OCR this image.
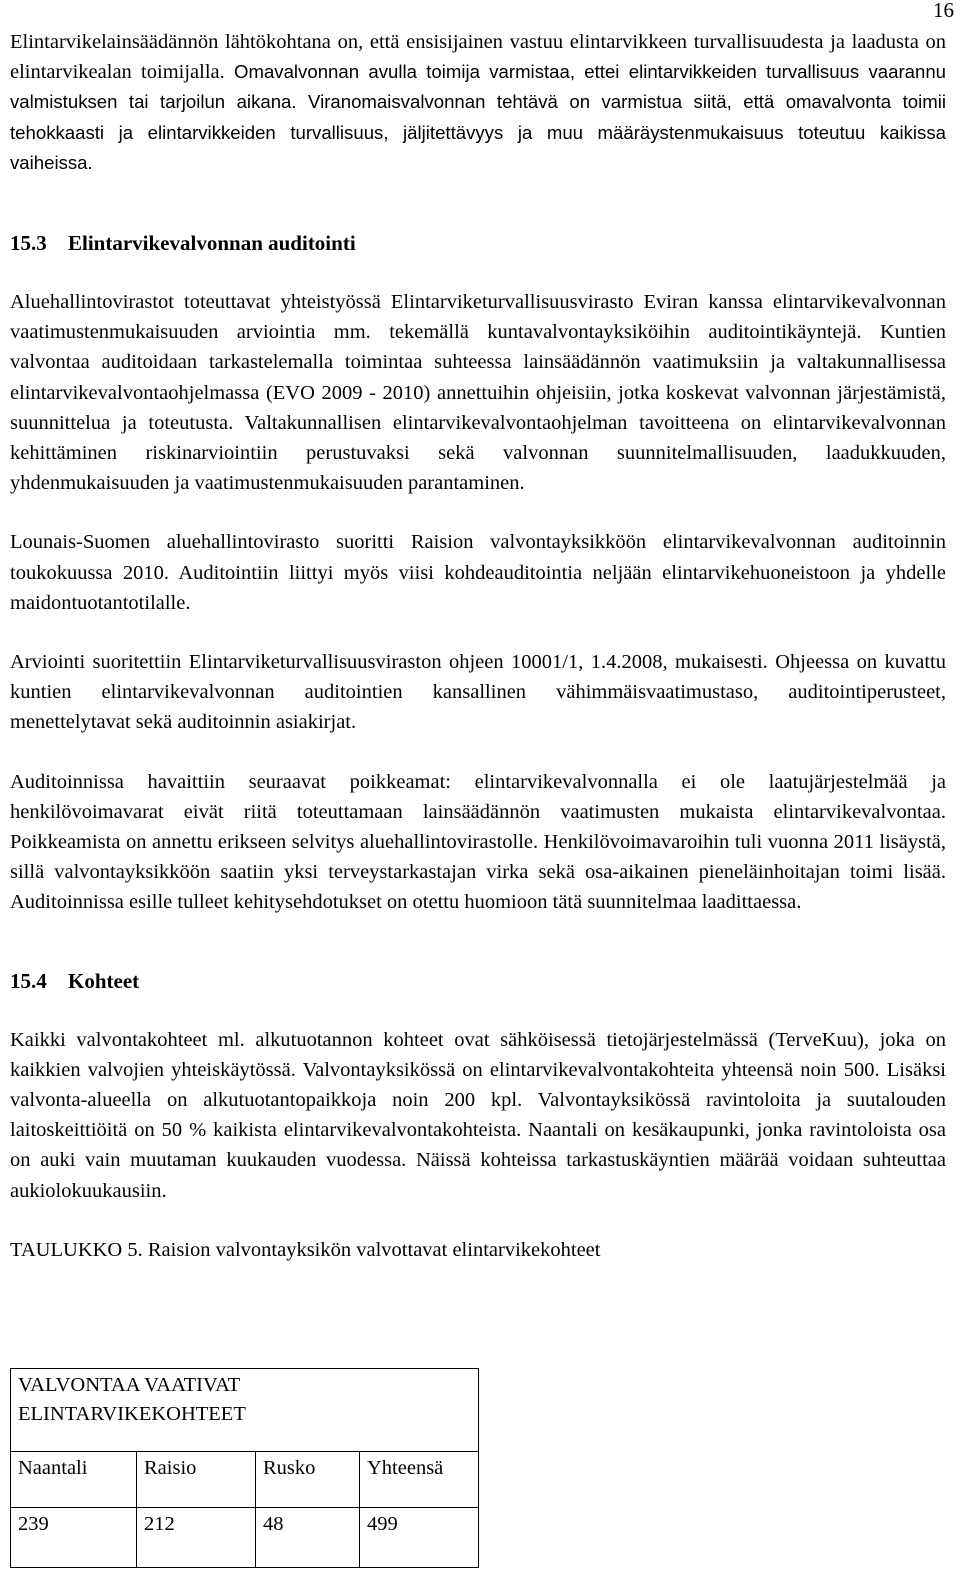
16

Elintarvikelainsäädännön lähtökohtana on, että ensisijainen vastuu elintarvikkeen turvallisuudesta ja laadusta on elintarvikealan toimijalla. Omavalvonnan avulla toimija varmistaa, ettei elintarvikkeiden turvallisuus vaarannu valmistuksen tai tarjoilun aikana. Viranomaisvalvonnan tehtävä on varmistua siitä, että omavalvonta toimii tehokkaasti ja elintarvikkeiden turvallisuus, jäljitettävyys ja muu määräystenmukaisuus toteutuu kaikissa vaiheissa.

15.3 Elintarvikevalvonnan auditointi

Aluehallintovirastot toteuttavat yhteistyössä Elintarviketurvallisuusvirasto Eviran kanssa elintarvikevalvonnan vaatimustenmukaisuuden arviointia mm. tekemällä kuntavalvontayksiköihin auditointikäyntejä. Kuntien valvontaa auditoidaan tarkastelemalla toimintaa suhteessa lainsäädännön vaatimuksiin ja valtakunnallisessa elintarvikevalvontaohjelmassa (EVO 2009 - 2010) annettuihin ohjeisiin, jotka koskevat valvonnan järjestämistä, suunnittelua ja toteutusta. Valtakunnallisen elintarvikevalvontaohjelman tavoitteena on elintarvikevalvonnan kehittäminen riskinarviointiin perustuvaksi sekä valvonnan suunnitelmallisuuden, laadukkuuden, yhdenmukaisuuden ja vaatimustenmukaisuuden parantaminen.

Lounais-Suomen aluehallintovirasto suoritti Raision valvontayksikköön elintarvikevalvonnan auditoinnin toukokuussa 2010. Auditointiin liittyi myös viisi kohdeauditointia neljään elintarvikehuoneistoon ja yhdelle maidontuotantotilalle.

Arviointi suoritettiin Elintarviketurvallisuusviraston ohjeen 10001/1, 1.4.2008, mukaisesti. Ohjeessa on kuvattu kuntien elintarvikevalvonnan auditointien kansallinen vähimmäisvaatimustaso, auditointiperusteet, menettelytavat sekä auditoinnin asiakirjat.

Auditoinnissa havaittiin seuraavat poikkeamat: elintarvikevalvonnalla ei ole laatujärjestelmää ja henkilövoimavarat eivät riitä toteuttamaan lainsäädännön vaatimusten mukaista elintarvikevalvontaa. Poikkeamista on annettu erikseen selvitys aluehallintovirastolle. Henkilövoimavaroihin tuli vuonna 2011 lisäystä, sillä valvontayksikköön saatiin yksi terveystarkastajan virka sekä osa-aikainen pieneläinhoitajan toimi lisää. Auditoinnissa esille tulleet kehitysehdotukset on otettu huomioon tätä suunnitelmaa laadittaessa.

15.4 Kohteet

Kaikki valvontakohteet ml. alkutuotannon kohteet ovat sähköisessä tietojärjestelmässä (TerveKuu), joka on kaikkien valvojien yhteiskäytössä. Valvontayksikössä on elintarvikevalvontakohteita yhteensä noin 500. Lisäksi valvonta-alueella on alkutuotantopaikkoja noin 200 kpl. Valvontayksikössä ravintoloita ja suutalouden laitoskeittiöitä on 50 % kaikista elintarvikevalvontakohteista. Naantali on kesäkaupunki, jonka ravintoloista osa on auki vain muutaman kuukauden vuodessa. Näissä kohteissa tarkastuskäyntien määrää voidaan suhteuttaa aukiolokuukausiin.

TAULUKKO 5. Raision valvontayksikön valvottavat elintarvikekohteet

VALVONTAA VAATIVAT
ELINTARVIKEKOHTEET			

Naantali	Raisio	Rusko	Yhteensä
239	212	48	499
